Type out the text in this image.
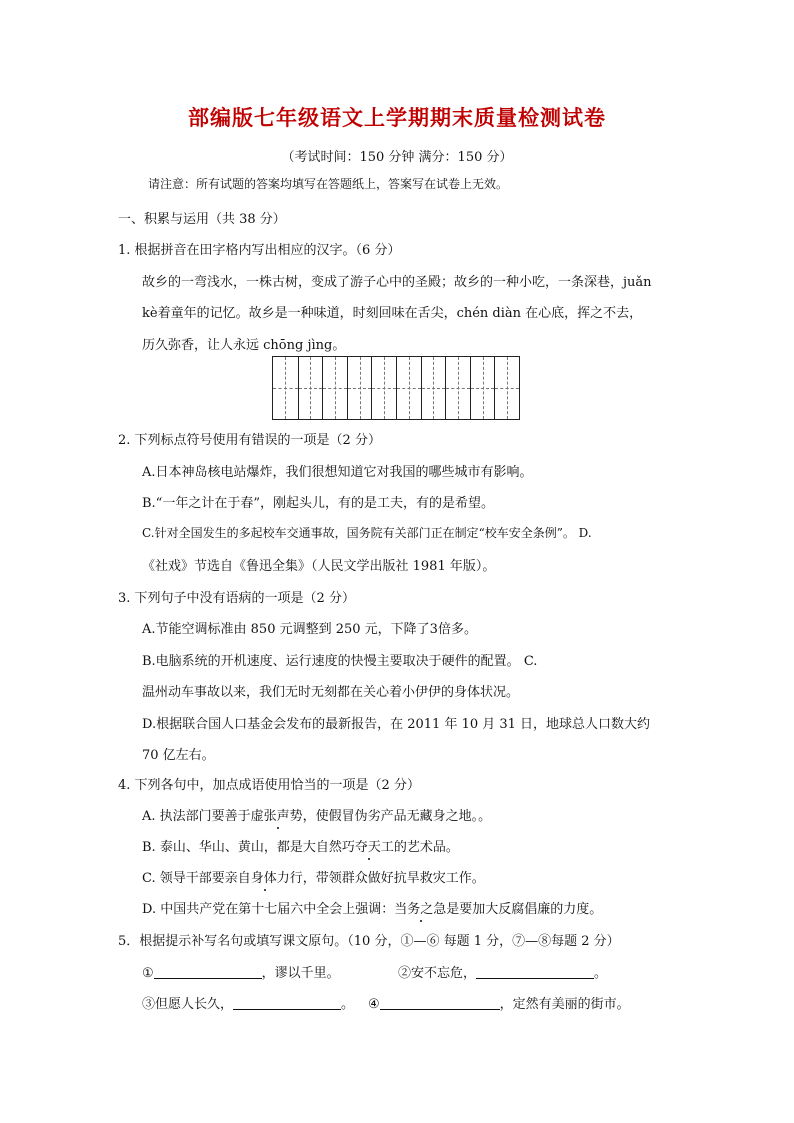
部编版七年级语文上学期期末质量检测试卷
（考试时间：150 分钟 满分：150 分）
请注意：所有试题的答案均填写在答题纸上，答案写在试卷上无效。
一、积累与运用（共 38 分）
1. 根据拼音在田字格内写出相应的汉字。（6 分）
故乡的一弯浅水，一株古树，变成了游子心中的圣殿；故乡的一种小吃，一条深巷，juǎn
kè着童年的记忆。故乡是一种味道，时刻回味在舌尖，chén diàn 在心底，挥之不去，
历久弥香，让人永远 chōng jìng。
2. 下列标点符号使用有错误的一项是（2 分）
A.日本神岛核电站爆炸，我们很想知道它对我国的哪些城市有影响。
B.“一年之计在于春”，刚起头儿，有的是工夫，有的是希望。
C.针对全国发生的多起校车交通事故，国务院有关部门正在制定“校车安全条例”。 D.
《社戏》节选自《鲁迅全集》（人民文学出版社 1981 年版）。
3. 下列句子中没有语病的一项是（2 分）
A.节能空调标准由 850 元调整到 250 元，下降了3倍多。
B.电脑系统的开机速度、运行速度的快慢主要取决于硬件的配置。 C.
温州动车事故以来，我们无时无刻都在关心着小伊伊的身体状况。
D.根据联合国人口基金会发布的最新报告，在 2011 年 10 月 31 日，地球总人口数大约
70 亿左右。
4. 下列各句中，加点成语使用恰当的一项是（2 分）
A. 执法部门要善于虚张声势，使假冒伪劣产品无藏身之地。。
B. 泰山、华山、黄山，都是大自然巧夺天工的艺术品。
C. 领导干部要亲自身体力行，带领群众做好抗旱救灾工作。
D. 中国共产党在第十七届六中全会上强调：当务之急是要加大反腐倡廉的力度。
5．根据提示补写名句或填写课文原句。（10 分，①—⑥ 每题 1 分，⑦—⑧每题 2 分）
①	，谬以千里。	②安不忘危，	。
③但愿人长久，	。 ④	，定然有美丽的街市。
